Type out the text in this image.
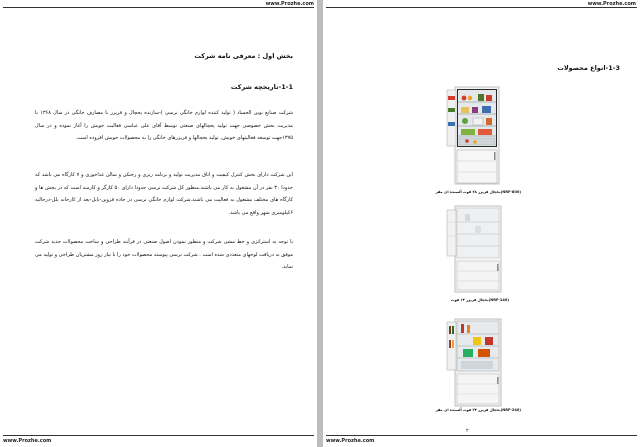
www.Prozhe.com
بخش اول : معرفی نامه شرکت
1-1-تاریخچه شرکت
شرکت صنایع نوین الحساد ( تولید کننده لوازم خانگی نرسی )-سازنده یخچال و فریزر با مصارف خانگی در سال ۱۳۶۸ با مدیریت بخش خصوصی جهت تولید یخچالهای صنعتی توسط آقای علی عباسی فعالیت خویش را آغاز نموده و در سال ۱۳۷۵جهت توسعه فعالیتهای خویش, تولید یخچالها و فریزرهای خانگی را به محصولات خویش افزوده است.
این شرکت دارای بخش کنترل کیفیت و اتاق مدیریت تولید و برنامه ریزی و رختکن و سالن غذاخوری و ۷ کارگاه می باشد که حدودا ۳۰ نفر در آن مشغول به کار می باشند.منظور کل شرکت نرسی حدودا دارای ۵۰ کارگر و کارمند است که در بخش ها و کارگاه های مختلف مشغول به فعالیت می باشند.شرکت لوازم خانگی نرسی در جاده قزوین-بابل-بعد از کارخانه بلل-درحالیه ۶کیلومتری شهر واقع می باشد.
با توجه به استراتژی و خط مشی شرکت و منظور نمودن اصول صنعتی در فرآیند طراحی و ساخت محصولات جدید شرکت موفق به دریافت لوحهای متعددی شده است . شرکت نرسی پیوسته محصولات خود را با نیاز روز مشتریان طراحی و تولید می نماید.
www.Prozhe.com
www.Prozhe.com
1-3-انواع محصولات
(NRF-800)یخچال فریزر ۲۸ فوت آلسنده ای مقر
(NRF-140)یخچال فریزر ۱۴ فوت
(NRF-240)یخچال فریزر ۲۴ فوت آلسنده ای مقر
۲
www.Prozhe.com
